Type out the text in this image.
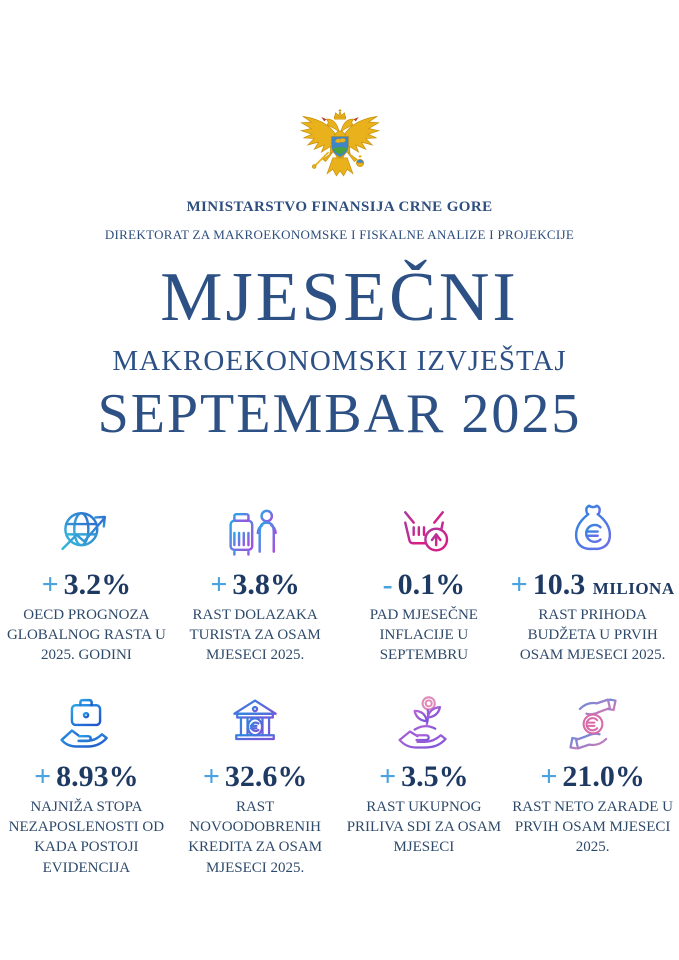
MINISTARSTVO FINANSIJA CRNE GORE
DIREKTORAT ZA MAKROEKONOMSKE I FISKALNE ANALIZE I PROJEKCIJE
MJESEČNI
MAKROEKONOMSKI IZVJEŠTAJ
SEPTEMBAR 2025
+ 3.2%
OECD PROGNOZA GLOBALNOG RASTA U 2025. GODINI
+ 3.8%
RAST DOLAZAKA TURISTA ZA OSAM MJESECI 2025.
- 0.1%
PAD MJESEČNE INFLACIJE U SEPTEMBRU
+ 10.3 MILIONA
RAST PRIHODA BUDŽETA U PRVIH OSAM MJESECI 2025.
+ 8.93%
NAJNIŽA STOPA NEZAPOSLENOSTI OD KADA POSTOJI EVIDENCIJA
+ 32.6%
RAST NOVOODOBRENIH KREDITA ZA OSAM MJESECI 2025.
+ 3.5%
RAST UKUPNOG PRILIVA SDI ZA OSAM MJESECI
+ 21.0%
RAST NETO ZARADE U PRVIH OSAM MJESECI 2025.
